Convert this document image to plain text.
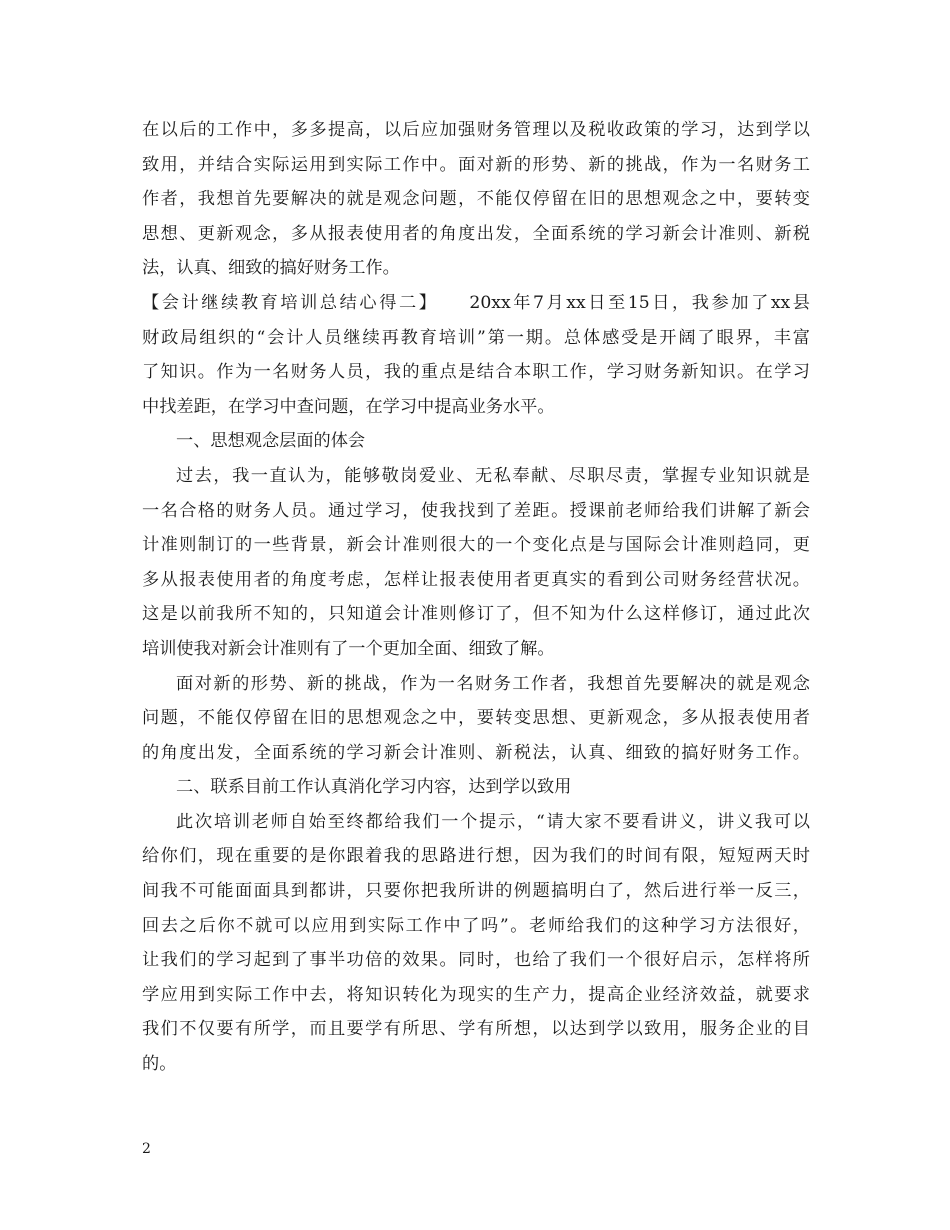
在以后的工作中，多多提高，以后应加强财务管理以及税收政策的学习，达到学以
致用，并结合实际运用到实际工作中。面对新的形势、新的挑战，作为一名财务工
作者，我想首先要解决的就是观念问题，不能仅停留在旧的思想观念之中，要转变
思想、更新观念，多从报表使用者的角度出发，全面系统的学习新会计准则、新税
法，认真、细致的搞好财务工作。
【会计继续教育培训总结心得二】　　20xx年7月xx日至15日，我参加了xx县
财政局组织的“会计人员继续再教育培训”第一期。总体感受是开阔了眼界，丰富
了知识。作为一名财务人员，我的重点是结合本职工作，学习财务新知识。在学习
中找差距，在学习中查问题，在学习中提高业务水平。
一、思想观念层面的体会
过去，我一直认为，能够敬岗爱业、无私奉献、尽职尽责，掌握专业知识就是
一名合格的财务人员。通过学习，使我找到了差距。授课前老师给我们讲解了新会
计准则制订的一些背景，新会计准则很大的一个变化点是与国际会计准则趋同，更
多从报表使用者的角度考虑，怎样让报表使用者更真实的看到公司财务经营状况。
这是以前我所不知的，只知道会计准则修订了，但不知为什么这样修订，通过此次
培训使我对新会计准则有了一个更加全面、细致了解。
面对新的形势、新的挑战，作为一名财务工作者，我想首先要解决的就是观念
问题，不能仅停留在旧的思想观念之中，要转变思想、更新观念，多从报表使用者
的角度出发，全面系统的学习新会计准则、新税法，认真、细致的搞好财务工作。
二、联系目前工作认真消化学习内容，达到学以致用
此次培训老师自始至终都给我们一个提示，“请大家不要看讲义，讲义我可以
给你们，现在重要的是你跟着我的思路进行想，因为我们的时间有限，短短两天时
间我不可能面面具到都讲，只要你把我所讲的例题搞明白了，然后进行举一反三，
回去之后你不就可以应用到实际工作中了吗”。老师给我们的这种学习方法很好，
让我们的学习起到了事半功倍的效果。同时，也给了我们一个很好启示，怎样将所
学应用到实际工作中去，将知识转化为现实的生产力，提高企业经济效益，就要求
我们不仅要有所学，而且要学有所思、学有所想，以达到学以致用，服务企业的目
的。
2
